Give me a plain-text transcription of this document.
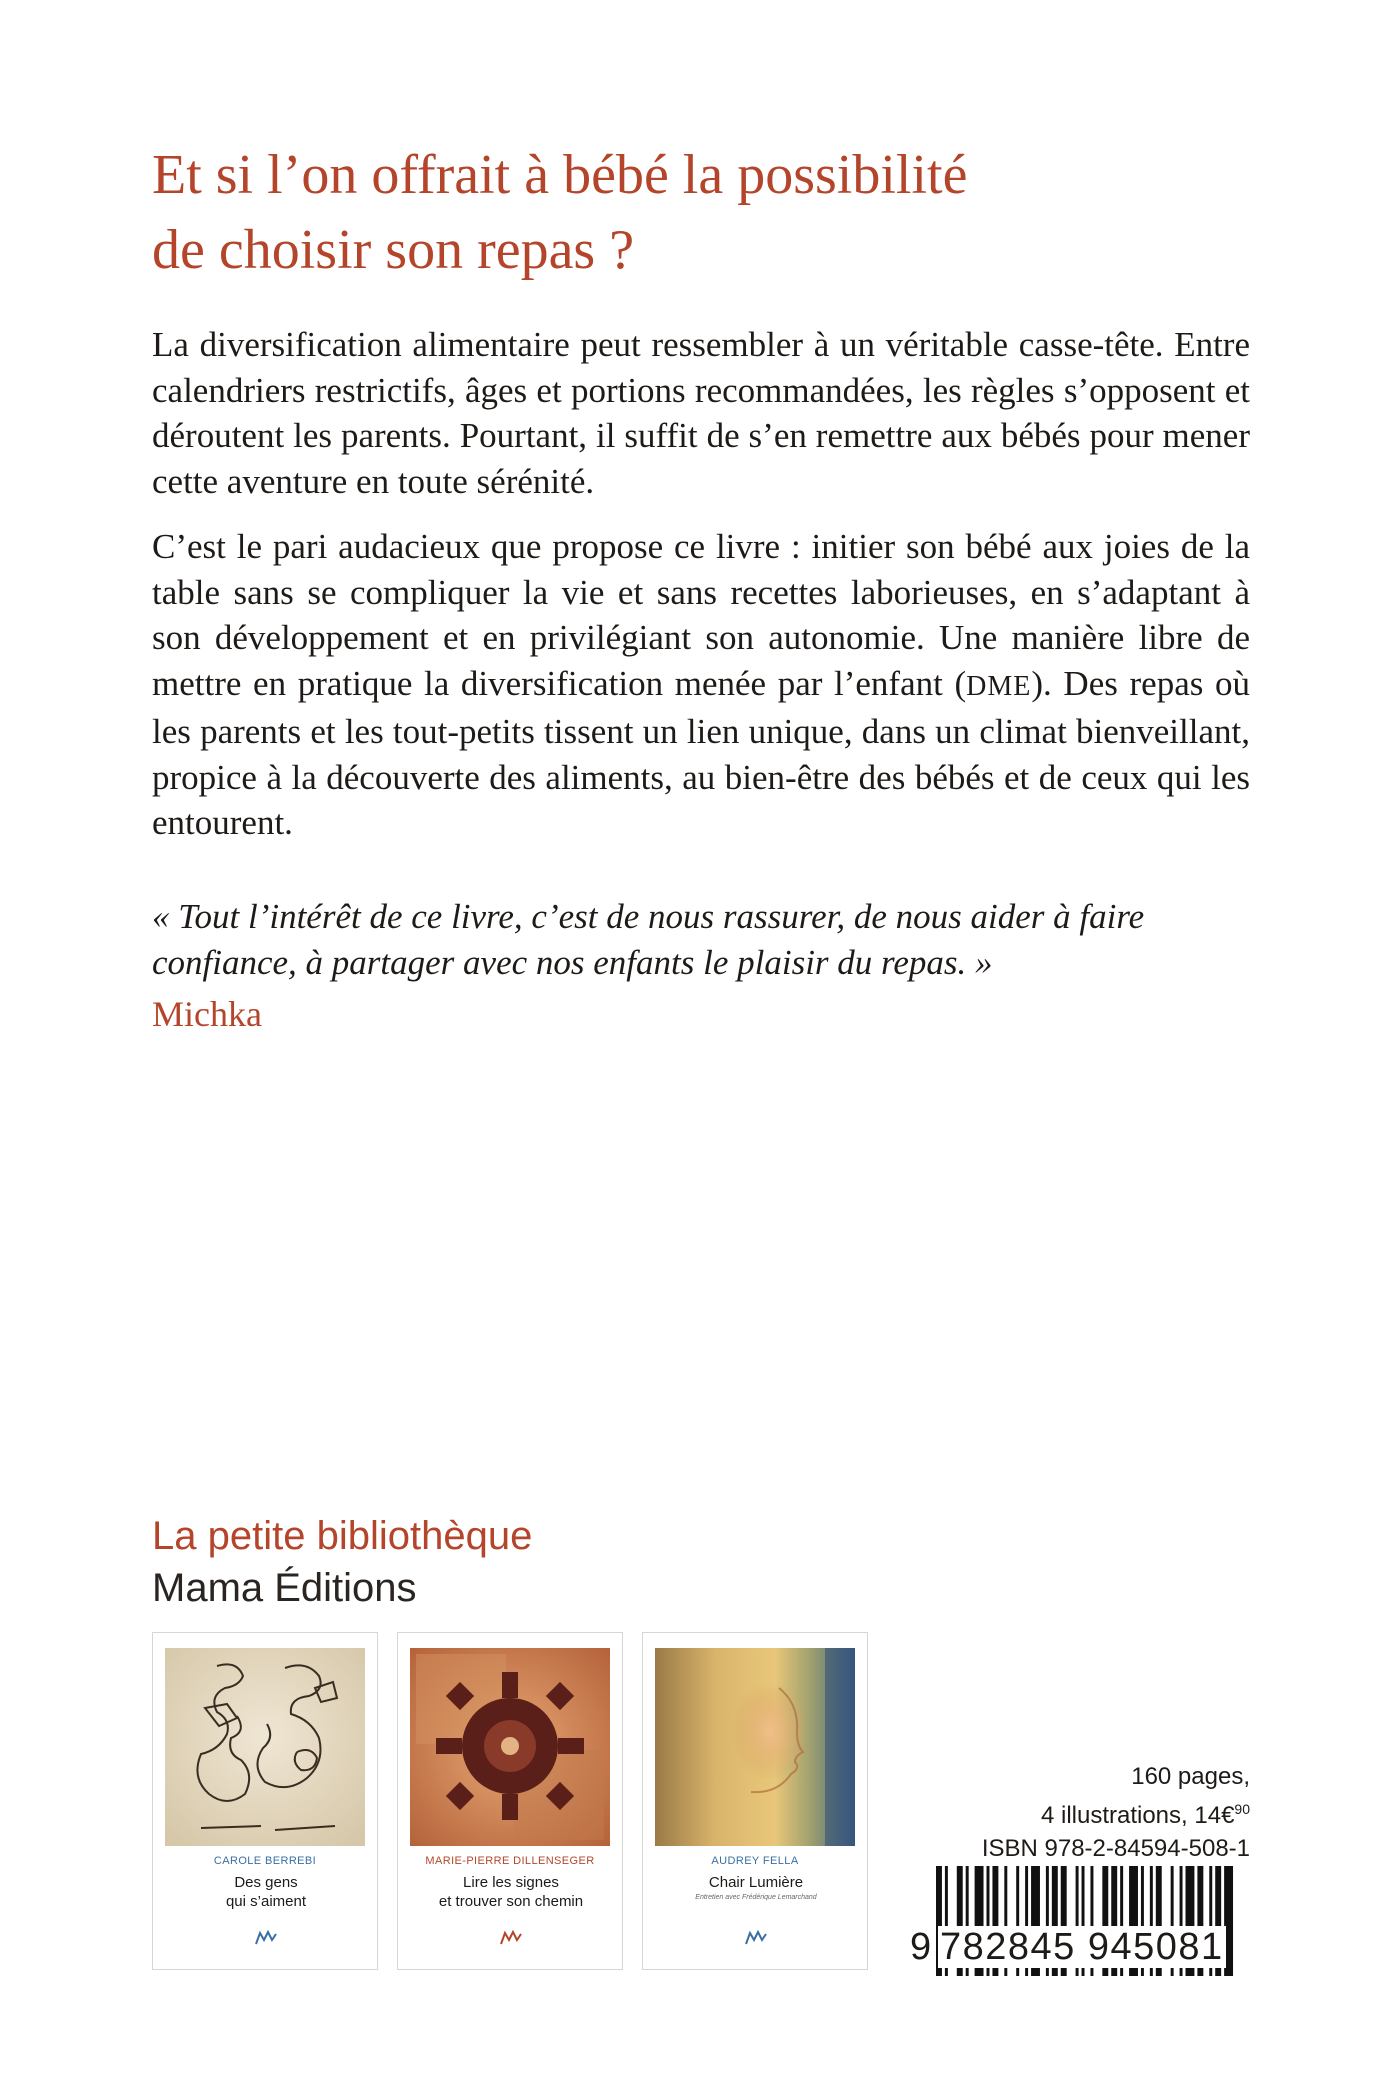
Et si l’on offrait à bébé la possibilité
de choisir son repas ?

La diversification alimentaire peut ressembler à un véritable casse-tête. Entre calendriers restrictifs, âges et portions recommandées, les règles s’opposent et déroutent les parents. Pourtant, il suffit de s’en remettre aux bébés pour mener cette aventure en toute sérénité.

C’est le pari audacieux que propose ce livre : initier son bébé aux joies de la table sans se compliquer la vie et sans recettes laborieuses, en s’adaptant à son développement et en privilégiant son autonomie. Une manière libre de mettre en pratique la diversification menée par l’enfant (DME). Des repas où les parents et les tout-petits tissent un lien unique, dans un climat bienveillant, propice à la découverte des aliments, au bien-être des bébés et de ceux qui les entourent.

« Tout l’intérêt de ce livre, c’est de nous rassurer, de nous aider à faire confiance, à partager avec nos enfants le plaisir du repas. »
Michka
La petite bibliothèque
Mama Éditions
CAROLE BERREBI
Des gens
qui s’aiment
MARIE-PIERRE DILLENSEGER
Lire les signes
et trouver son chemin
AUDREY FELLA
Chair Lumière
Entretien avec Frédérique Lemarchand
160 pages,
4 illustrations, 14€$^{90}$
ISBN 978-2-84594-508-1
9 782845 945081
